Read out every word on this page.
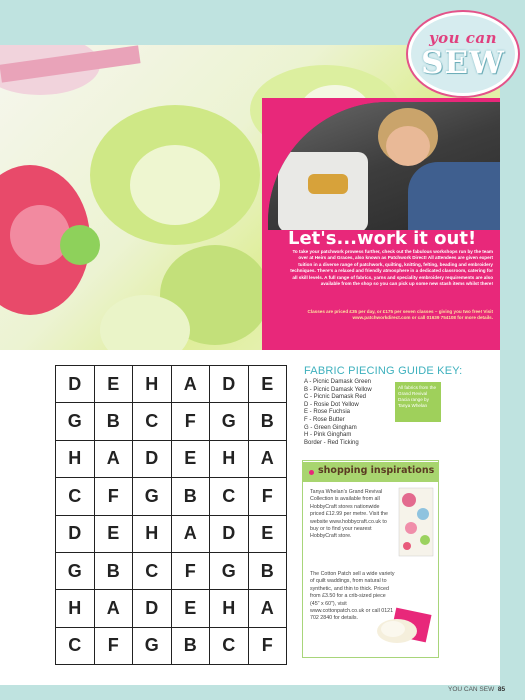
you can
SEW
Let's...work it out!
To take your patchwork prowess further, check out the fabulous workshops run by the team over at Heirs and Graces, also known as Patchwork Direct! All attendees are given expert tuition in a diverse range of patchwork, quilting, knitting, felting, beading and embroidery techniques. There's a relaxed and friendly atmosphere in a dedicated classroom, catering for all skill levels. A full range of fabrics, yarns and speciality embroidery requirements are also available from the shop so you can pick up some new stash items whilst there!
Classes are priced £35 per day, or £175 per seven classes – giving you two free! Visit www.patchworkdirect.com or call 01639 754108 for more details.
D	E	H	A	D	E
G	B	C	F	G	B
H	A	D	E	H	A
C	F	G	B	C	F
D	E	H	A	D	E
G	B	C	F	G	B
H	A	D	E	H	A
C	F	G	B	C	F
FABRIC PIECING GUIDE KEY:
A - Picnic Damask Green
B - Picnic Damask Yellow
C - Picnic Damask Red
D - Rosie Dot Yellow
E - Rose Fuchsia
F - Rose Butter
G - Green Gingham
H - Pink Gingham
Border - Red Ticking
All fabrics from the Grand Revival Dacia range by Tanya Whelan
shopping inspirations
Tanya Whelan's Grand Revival Collection is available from all HobbyCraft stores nationwide priced £12.99 per metre. Visit the website www.hobbycraft.co.uk to buy or to find your nearest HobbyCraft store.
The Cotton Patch sell a wide variety of quilt waddings, from natural to synthetic, and thin to thick. Priced from £3.50 for a crib-sized piece (45" x 60"), visit www.cottonpatch.co.uk or call 0121 702 2840 for details.
YOU CAN SEW 85
